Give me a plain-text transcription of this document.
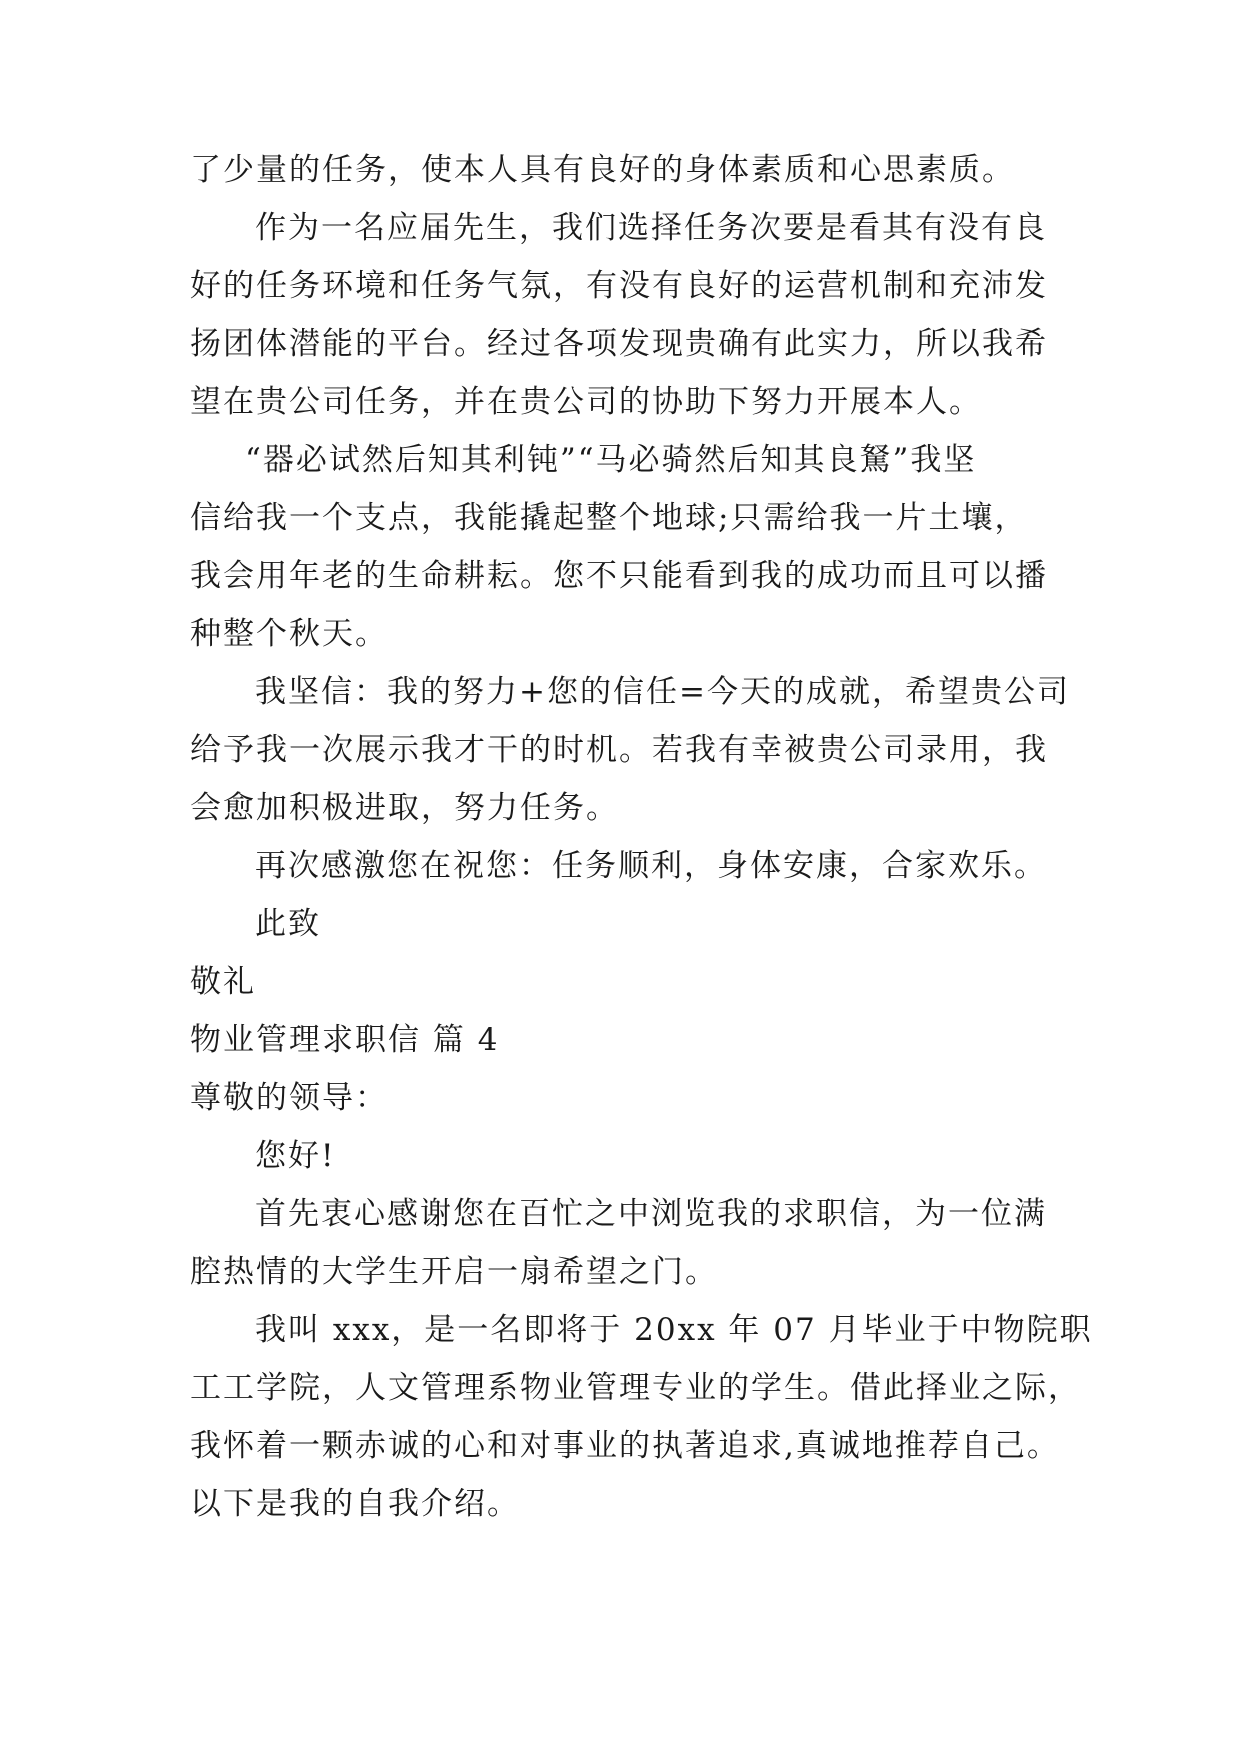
了少量的任务，使本人具有良好的身体素质和心思素质。
作为一名应届先生，我们选择任务次要是看其有没有良
好的任务环境和任务气氛，有没有良好的运营机制和充沛发
扬团体潜能的平台。经过各项发现贵确有此实力，所以我希
望在贵公司任务，并在贵公司的协助下努力开展本人。
“器必试然后知其利钝”“马必骑然后知其良駑”我坚
信给我一个支点，我能撬起整个地球;只需给我一片土壤，
我会用年老的生命耕耘。您不只能看到我的成功而且可以播
种整个秋天。
我坚信：我的努力+您的信任=今天的成就，希望贵公司
给予我一次展示我才干的时机。若我有幸被贵公司录用，我
会愈加积极进取，努力任务。
再次感激您在祝您：任务顺利，身体安康，合家欢乐。
此致
敬礼
物业管理求职信 篇 4
尊敬的领导：
您好!
首先衷心感谢您在百忙之中浏览我的求职信，为一位满
腔热情的大学生开启一扇希望之门。
我叫 xxx，是一名即将于 20xx 年 07 月毕业于中物院职
工工学院，人文管理系物业管理专业的学生。借此择业之际，
我怀着一颗赤诚的心和对事业的执著追求,真诚地推荐自己。
以下是我的自我介绍。
